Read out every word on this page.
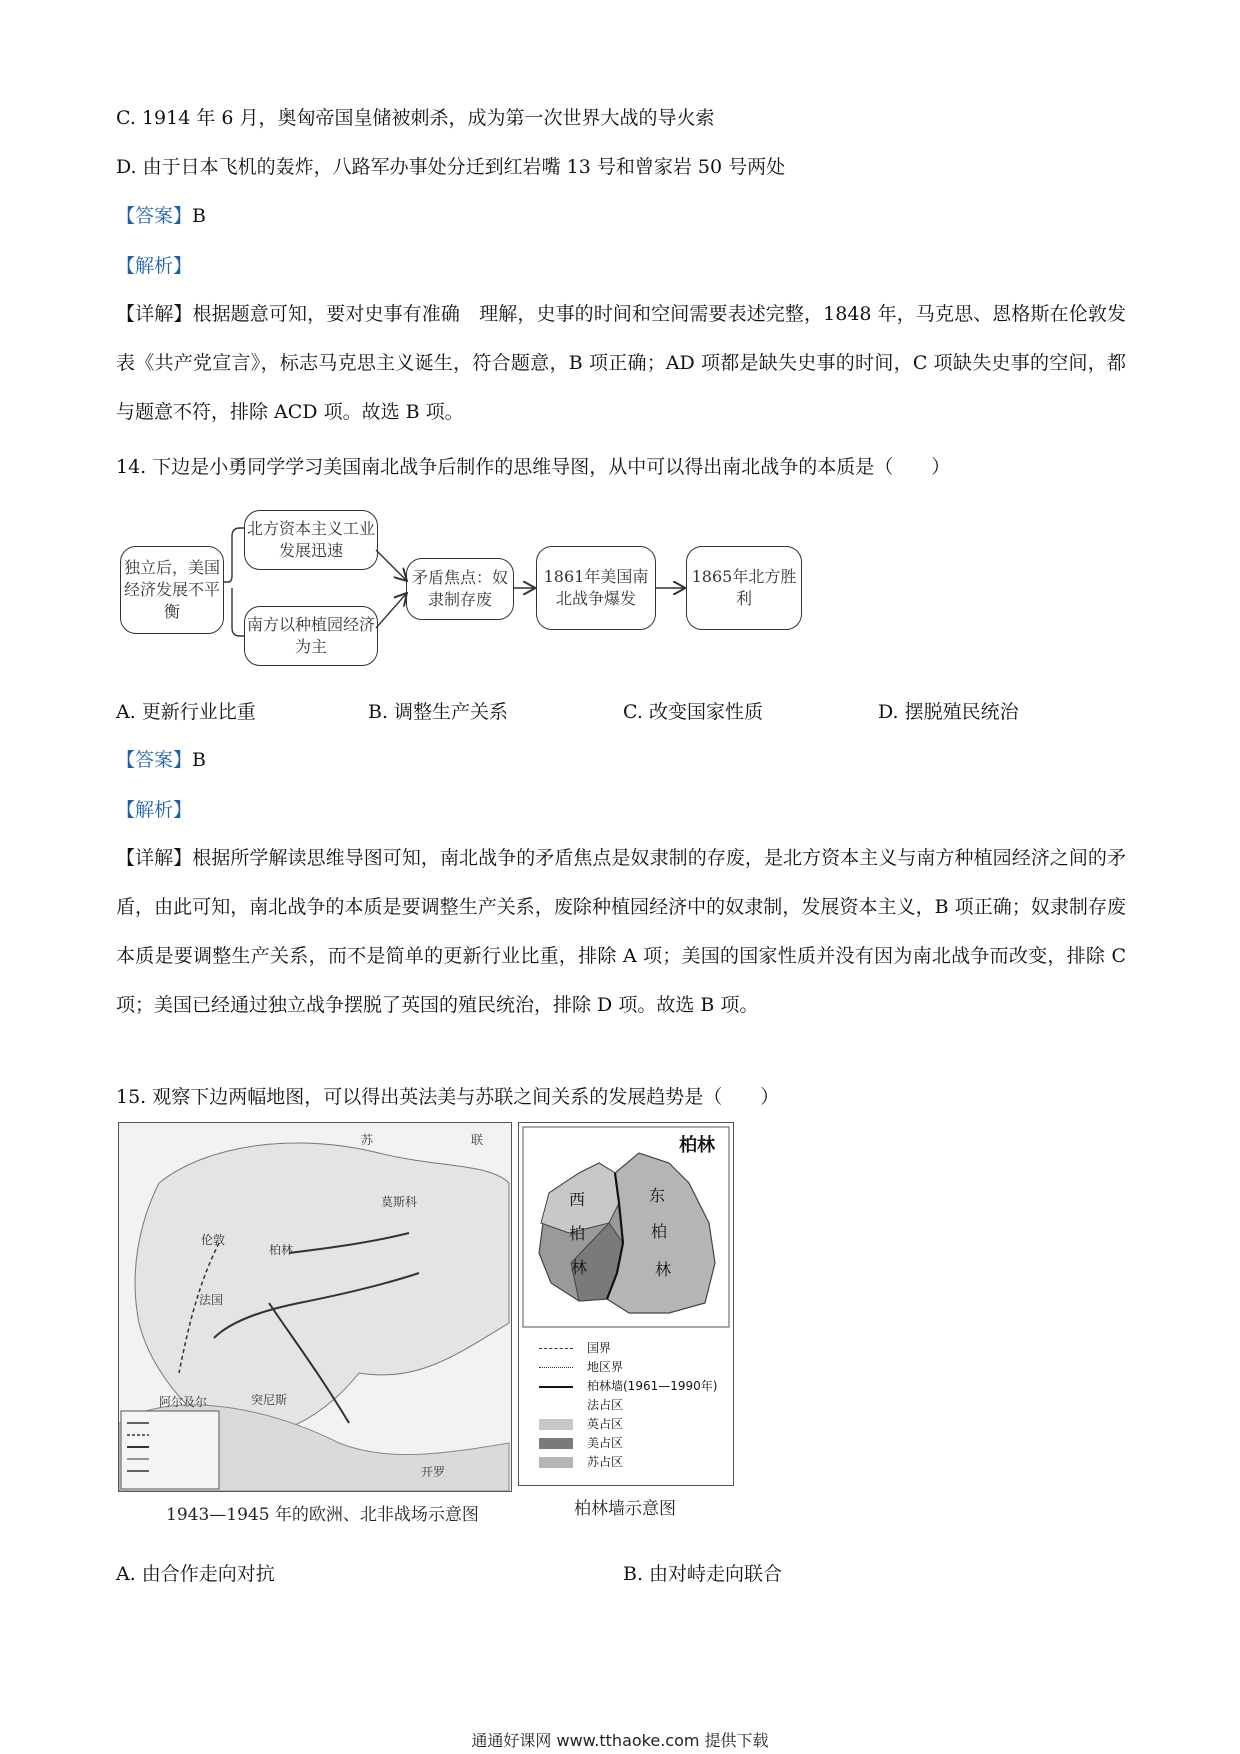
C. 1914 年 6 月，奥匈帝国皇储被刺杀，成为第一次世界大战的导火索
D. 由于日本飞机的轰炸，八路军办事处分迁到红岩嘴 13 号和曾家岩 50 号两处
【答案】B
【解析】
【详解】根据题意可知，要对史事有准确　理解，史事的时间和空间需要表述完整，1848 年，马克思、恩格斯在伦敦发表《共产党宣言》，标志马克思主义诞生，符合题意，B 项正确；AD 项都是缺失史事的时间，C 项缺失史事的空间，都与题意不符，排除 ACD 项。故选 B 项。
14. 下边是小勇同学学习美国南北战争后制作的思维导图，从中可以得出南北战争的本质是（　　）
独立后，美国经济发展不平衡
北方资本主义工业发展迅速
南方以种植园经济为主
矛盾焦点：奴隶制存废
1861年美国南北战争爆发
1865年北方胜利
A. 更新行业比重	B. 调整生产关系	C. 改变国家性质	D. 摆脱殖民统治
【答案】B
【解析】
【详解】根据所学解读思维导图可知，南北战争的矛盾焦点是奴隶制的存废，是北方资本主义与南方种植园经济之间的矛盾，由此可知，南北战争的本质是要调整生产关系，废除种植园经济中的奴隶制，发展资本主义，B 项正确；奴隶制存废本质是要调整生产关系，而不是简单的更新行业比重，排除 A 项；美国的国家性质并没有因为南北战争而改变，排除 C 项；美国已经通过独立战争摆脱了英国的殖民统治，排除 D 项。故选 B 项。
15. 观察下边两幅地图，可以得出英法美与苏联之间关系的发展趋势是（　　）
苏	联
莫斯科
伦敦
柏林
法国
突尼斯
阿尔及尔
开罗
1943—1945 年的欧洲、北非战场示意图
柏林
西
柏
林
东
柏
林
国界
地区界
柏林墙(1961—1990年)
法占区
英占区
美占区
苏占区
柏林墙示意图
A. 由合作走向对抗	B. 由对峙走向联合
通通好课网 www.tthaoke.com 提供下载
